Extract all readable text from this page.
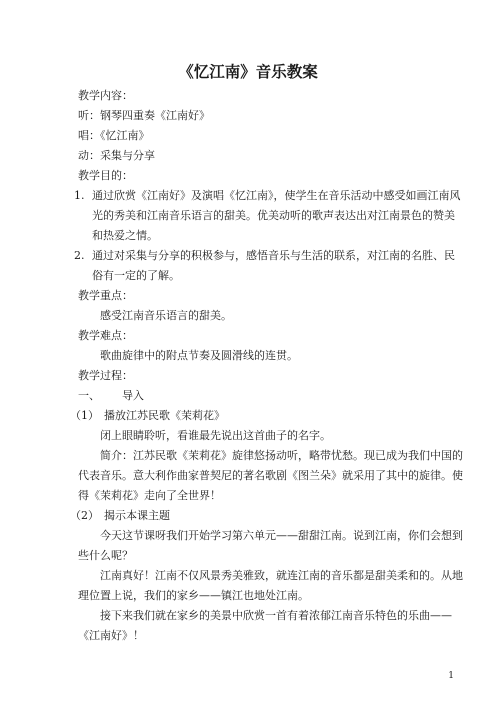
《忆江南》音乐教案
教学内容：
听：钢琴四重奏《江南好》
唱：《忆江南》
动：采集与分享
教学目的：
1. 通过欣赏《江南好》及演唱《忆江南》，使学生在音乐活动中感受如画江南风
光的秀美和江南音乐语言的甜美。优美动听的歌声表达出对江南景色的赞美
和热爱之情。
2. 通过对采集与分享的积极参与，感悟音乐与生活的联系，对江南的名胜、民
俗有一定的了解。
教学重点：
感受江南音乐语言的甜美。
教学难点：
歌曲旋律中的附点节奏及圆滑线的连贯。
教学过程：
一、 导入
（1） 播放江苏民歌《茉莉花》
闭上眼睛聆听，看谁最先说出这首曲子的名字。
简介：江苏民歌《茉莉花》旋律悠扬动听，略带忧愁。现已成为我们中国的
代表音乐。意大利作曲家普契尼的著名歌剧《图兰朵》就采用了其中的旋律。使
得《茉莉花》走向了全世界！
（2） 揭示本课主题
今天这节课呀我们开始学习第六单元——甜甜江南。说到江南，你们会想到
些什么呢？
江南真好！江南不仅风景秀美雅致，就连江南的音乐都是甜美柔和的。从地
理位置上说，我们的家乡——镇江也地处江南。
接下来我们就在家乡的美景中欣赏一首有着浓郁江南音乐特色的乐曲——
《江南好》！
1
